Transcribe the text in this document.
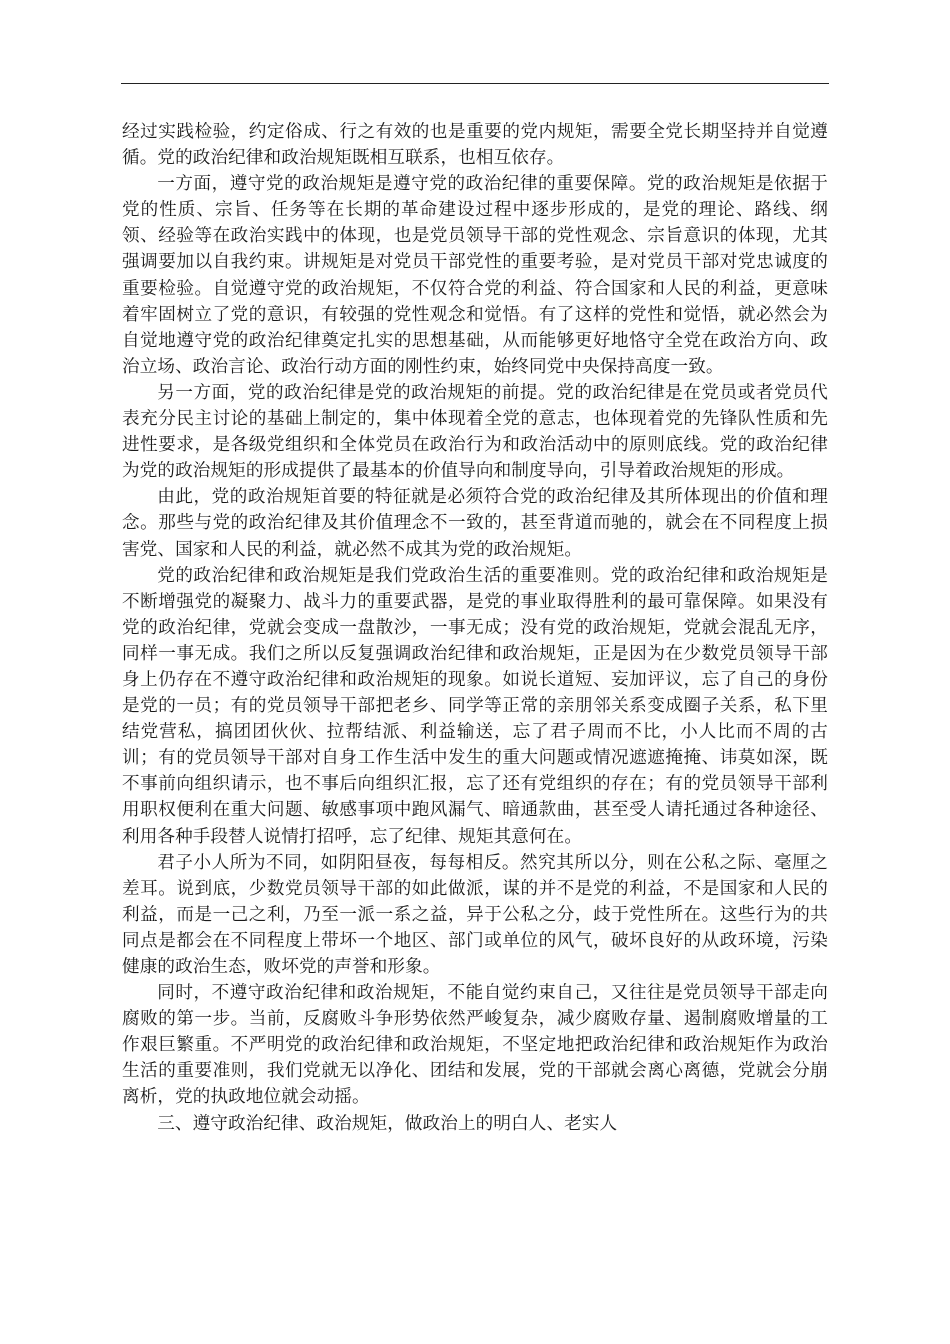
经过实践检验，约定俗成、行之有效的也是重要的党内规矩，需要全党长期坚持并自觉遵循。党的政治纪律和政治规矩既相互联系，也相互依存。

一方面，遵守党的政治规矩是遵守党的政治纪律的重要保障。党的政治规矩是依据于党的性质、宗旨、任务等在长期的革命建设过程中逐步形成的，是党的理论、路线、纲领、经验等在政治实践中的体现，也是党员领导干部的党性观念、宗旨意识的体现，尤其强调要加以自我约束。讲规矩是对党员干部党性的重要考验，是对党员干部对党忠诚度的重要检验。自觉遵守党的政治规矩，不仅符合党的利益、符合国家和人民的利益，更意味着牢固树立了党的意识，有较强的党性观念和觉悟。有了这样的党性和觉悟，就必然会为自觉地遵守党的政治纪律奠定扎实的思想基础，从而能够更好地恪守全党在政治方向、政治立场、政治言论、政治行动方面的刚性约束，始终同党中央保持高度一致。

另一方面，党的政治纪律是党的政治规矩的前提。党的政治纪律是在党员或者党员代表充分民主讨论的基础上制定的，集中体现着全党的意志，也体现着党的先锋队性质和先进性要求，是各级党组织和全体党员在政治行为和政治活动中的原则底线。党的政治纪律为党的政治规矩的形成提供了最基本的价值导向和制度导向，引导着政治规矩的形成。

由此，党的政治规矩首要的特征就是必须符合党的政治纪律及其所体现出的价值和理念。那些与党的政治纪律及其价值理念不一致的，甚至背道而驰的，就会在不同程度上损害党、国家和人民的利益，就必然不成其为党的政治规矩。

党的政治纪律和政治规矩是我们党政治生活的重要准则。党的政治纪律和政治规矩是不断增强党的凝聚力、战斗力的重要武器，是党的事业取得胜利的最可靠保障。如果没有党的政治纪律，党就会变成一盘散沙，一事无成；没有党的政治规矩，党就会混乱无序，同样一事无成。我们之所以反复强调政治纪律和政治规矩，正是因为在少数党员领导干部身上仍存在不遵守政治纪律和政治规矩的现象。如说长道短、妄加评议，忘了自己的身份是党的一员；有的党员领导干部把老乡、同学等正常的亲朋邻关系变成圈子关系，私下里结党营私，搞团团伙伙、拉帮结派、利益输送，忘了君子周而不比，小人比而不周的古训；有的党员领导干部对自身工作生活中发生的重大问题或情况遮遮掩掩、讳莫如深，既不事前向组织请示，也不事后向组织汇报，忘了还有党组织的存在；有的党员领导干部利用职权便利在重大问题、敏感事项中跑风漏气、暗通款曲，甚至受人请托通过各种途径、利用各种手段替人说情打招呼，忘了纪律、规矩其意何在。

君子小人所为不同，如阴阳昼夜，每每相反。然究其所以分，则在公私之际、毫厘之差耳。说到底，少数党员领导干部的如此做派，谋的并不是党的利益，不是国家和人民的利益，而是一己之利，乃至一派一系之益，异于公私之分，歧于党性所在。这些行为的共同点是都会在不同程度上带坏一个地区、部门或单位的风气，破坏良好的从政环境，污染健康的政治生态，败坏党的声誉和形象。

同时，不遵守政治纪律和政治规矩，不能自觉约束自己，又往往是党员领导干部走向腐败的第一步。当前，反腐败斗争形势依然严峻复杂，减少腐败存量、遏制腐败增量的工作艰巨繁重。不严明党的政治纪律和政治规矩，不坚定地把政治纪律和政治规矩作为政治生活的重要准则，我们党就无以净化、团结和发展，党的干部就会离心离德，党就会分崩离析，党的执政地位就会动摇。

三、遵守政治纪律、政治规矩，做政治上的明白人、老实人
